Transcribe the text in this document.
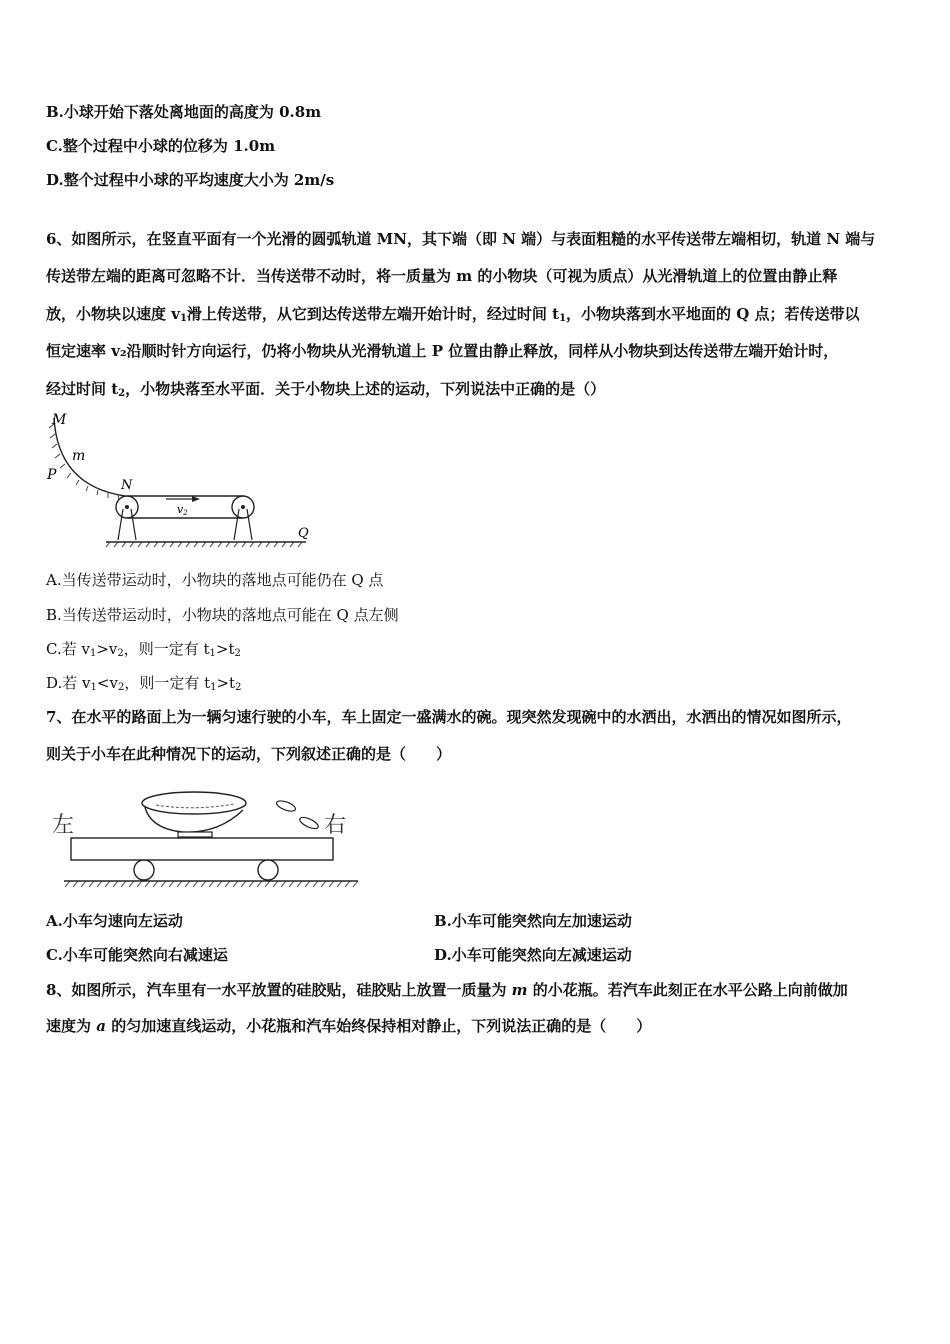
B.小球开始下落处离地面的高度为 0.8m
C.整个过程中小球的位移为 1.0m
D.整个过程中小球的平均速度大小为 2m/s
6、如图所示，在竖直平面有一个光滑的圆弧轨道 MN，其下端（即 N 端）与表面粗糙的水平传送带左端相切，轨道 N 端与
传送带左端的距离可忽略不计．当传送带不动时，将一质量为 m 的小物块（可视为质点）从光滑轨道上的位置由静止释
放，小物块以速度 $v_1$滑上传送带，从它到达传送带左端开始计时，经过时间 $t_1$，小物块落到水平地面的 Q 点；若传送带以
恒定速率 v₂沿顺时针方向运行，仍将小物块从光滑轨道上 P 位置由静止释放，同样从小物块到达传送带左端开始计时，
经过时间 $t_2$，小物块落至水平面．关于小物块上述的运动，下列说法中正确的是（）
M
m
P
N
v2
Q
A.当传送带运动时，小物块的落地点可能仍在 Q 点
B.当传送带运动时，小物块的落地点可能在 Q 点左侧
C.若 $v_1>v_2$，则一定有 $t_1>t_2$
D.若 $v_1<v_2$，则一定有 $t_1>t_2$
7、在水平的路面上为一辆匀速行驶的小车，车上固定一盛满水的碗。现突然发现碗中的水洒出，水洒出的情况如图所示，
则关于小车在此种情况下的运动，下列叙述正确的是（　　）
左	右
A.小车匀速向左运动	B.小车可能突然向左加速运动
C.小车可能突然向右减速运	D.小车可能突然向左减速运动
8、如图所示，汽车里有一水平放置的硅胶贴，硅胶贴上放置一质量为 m 的小花瓶。若汽车此刻正在水平公路上向前做加
速度为 a 的匀加速直线运动，小花瓶和汽车始终保持相对静止，下列说法正确的是（　　）
